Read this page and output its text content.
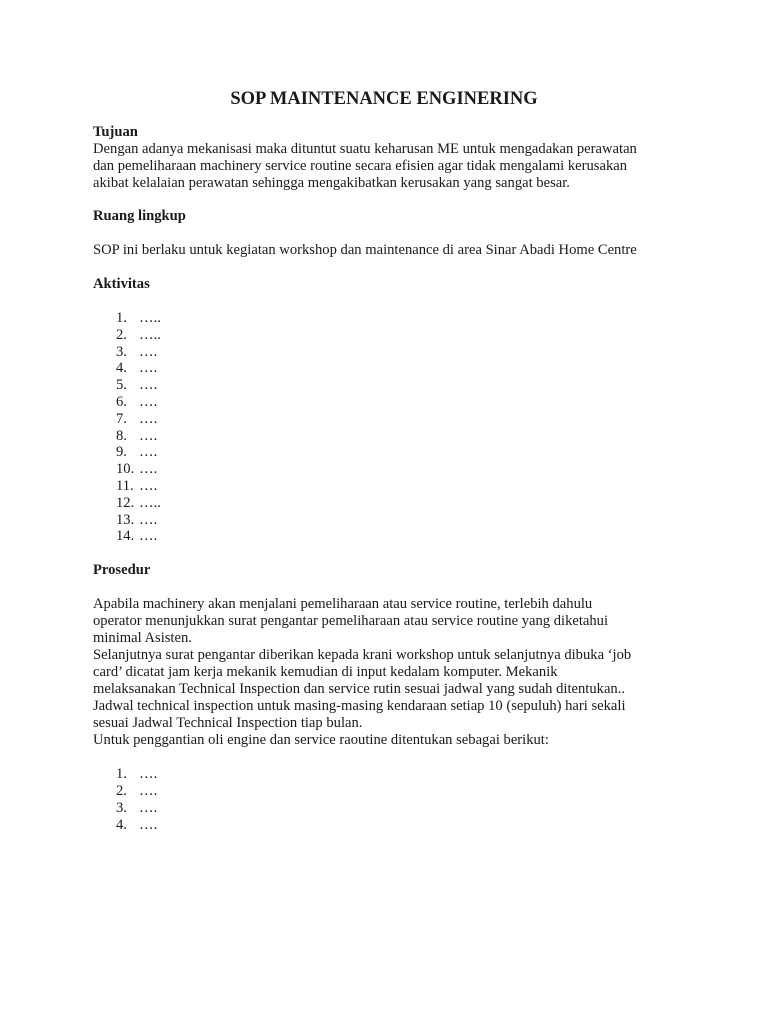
SOP MAINTENANCE ENGINERING

Tujuan

Dengan adanya mekanisasi maka dituntut suatu keharusan ME untuk mengadakan perawatan

dan pemeliharaan machinery service routine secara efisien agar tidak mengalami kerusakan

akibat kelalaian perawatan sehingga mengakibatkan kerusakan yang sangat besar.

Ruang lingkup

SOP ini berlaku untuk kegiatan workshop dan maintenance di area Sinar Abadi Home Centre

Aktivitas

1. …..
2. …..
3. ….
4. ….
5. ….
6. ….
7. ….
8. ….
9. ….
10. ….
11. ….
12. …..
13. ….
14. ….

Prosedur

Apabila machinery akan menjalani pemeliharaan atau service routine, terlebih dahulu

operator menunjukkan surat pengantar pemeliharaan atau service routine yang diketahui

minimal Asisten.

Selanjutnya surat pengantar diberikan kepada krani workshop untuk selanjutnya dibuka ‘job

card’ dicatat jam kerja mekanik kemudian di input kedalam komputer. Mekanik

melaksanakan Technical Inspection dan service rutin sesuai jadwal yang sudah ditentukan..

Jadwal technical inspection untuk masing-masing kendaraan setiap 10 (sepuluh) hari sekali

sesuai Jadwal Technical Inspection tiap bulan.

Untuk penggantian oli engine dan service raoutine ditentukan sebagai berikut:

1. ….
2. ….
3. ….
4. ….
